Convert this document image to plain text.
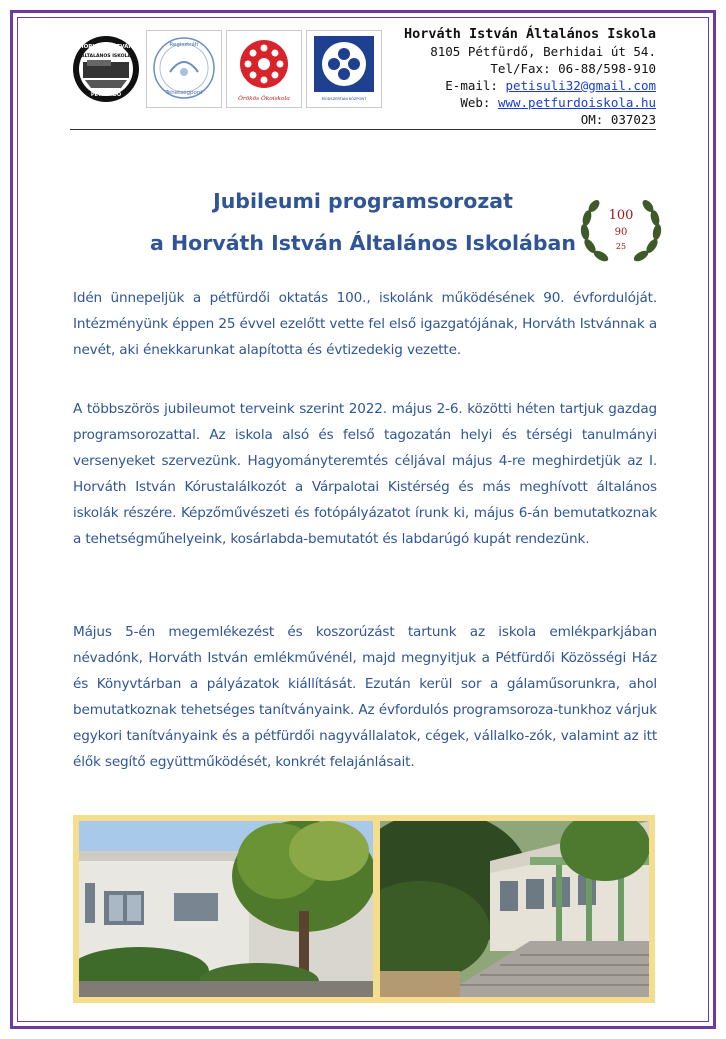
HORVÁTH ISTVÁN
ÁLTALÁNOS ISKOLA
PÉTFÜRDŐ
Regisztrált
Tehetségpont
Örökös Ökoiskola	MÓDSZERTANI KÖZPONT
Horváth István Általános Iskola
8105 Pétfürdő, Berhidai út 54.
Tel/Fax: 06-88/598-910
E-mail: petisuli32@gmail.com
Web: www.petfurdoiskola.hu
OM: 037023
Jubileumi programsorozat
a Horváth István Általános Iskolában
100
90
25

Idén ünnepeljük a pétfürdői oktatás 100., iskolánk működésének 90. évfordulóját. Intézményünk éppen 25 évvel ezelőtt vette fel első igazgatójának, Horváth Istvánnak a nevét, aki énekkarunkat alapította és évtizedekig vezette.

A többszörös jubileumot terveink szerint 2022. május 2-6. közötti héten tartjuk gazdag programsorozattal. Az iskola alsó és felső tagozatán helyi és térségi tanulmányi versenyeket szervezünk. Hagyományteremtés céljával május 4-re meghirdetjük az I. Horváth István Kórustalálkozót a Várpalotai Kistérség és más meghívott általános iskolák részére. Képzőművészeti és fotópályázatot írunk ki, május 6-án bemutatkoznak a tehetségműhelyeink, kosárlabda-bemutatót és labdarúgó kupát rendezünk.

Május 5-én megemlékezést és koszorúzást tartunk az iskola emlékparkjában névadónk, Horváth István emlékművénél, majd megnyitjuk a Pétfürdői Közösségi Ház és Könyvtárban a pályázatok kiállítását. Ezután kerül sor a gálaműsorunkra, ahol bemutatkoznak tehetséges tanítványaink. Az évfordulós programsoroza-tunkhoz várjuk egykori tanítványaink és a pétfürdői nagyvállalatok, cégek, vállalko-zók, valamint az itt élők segítő együttműködését, konkrét felajánlásait.
